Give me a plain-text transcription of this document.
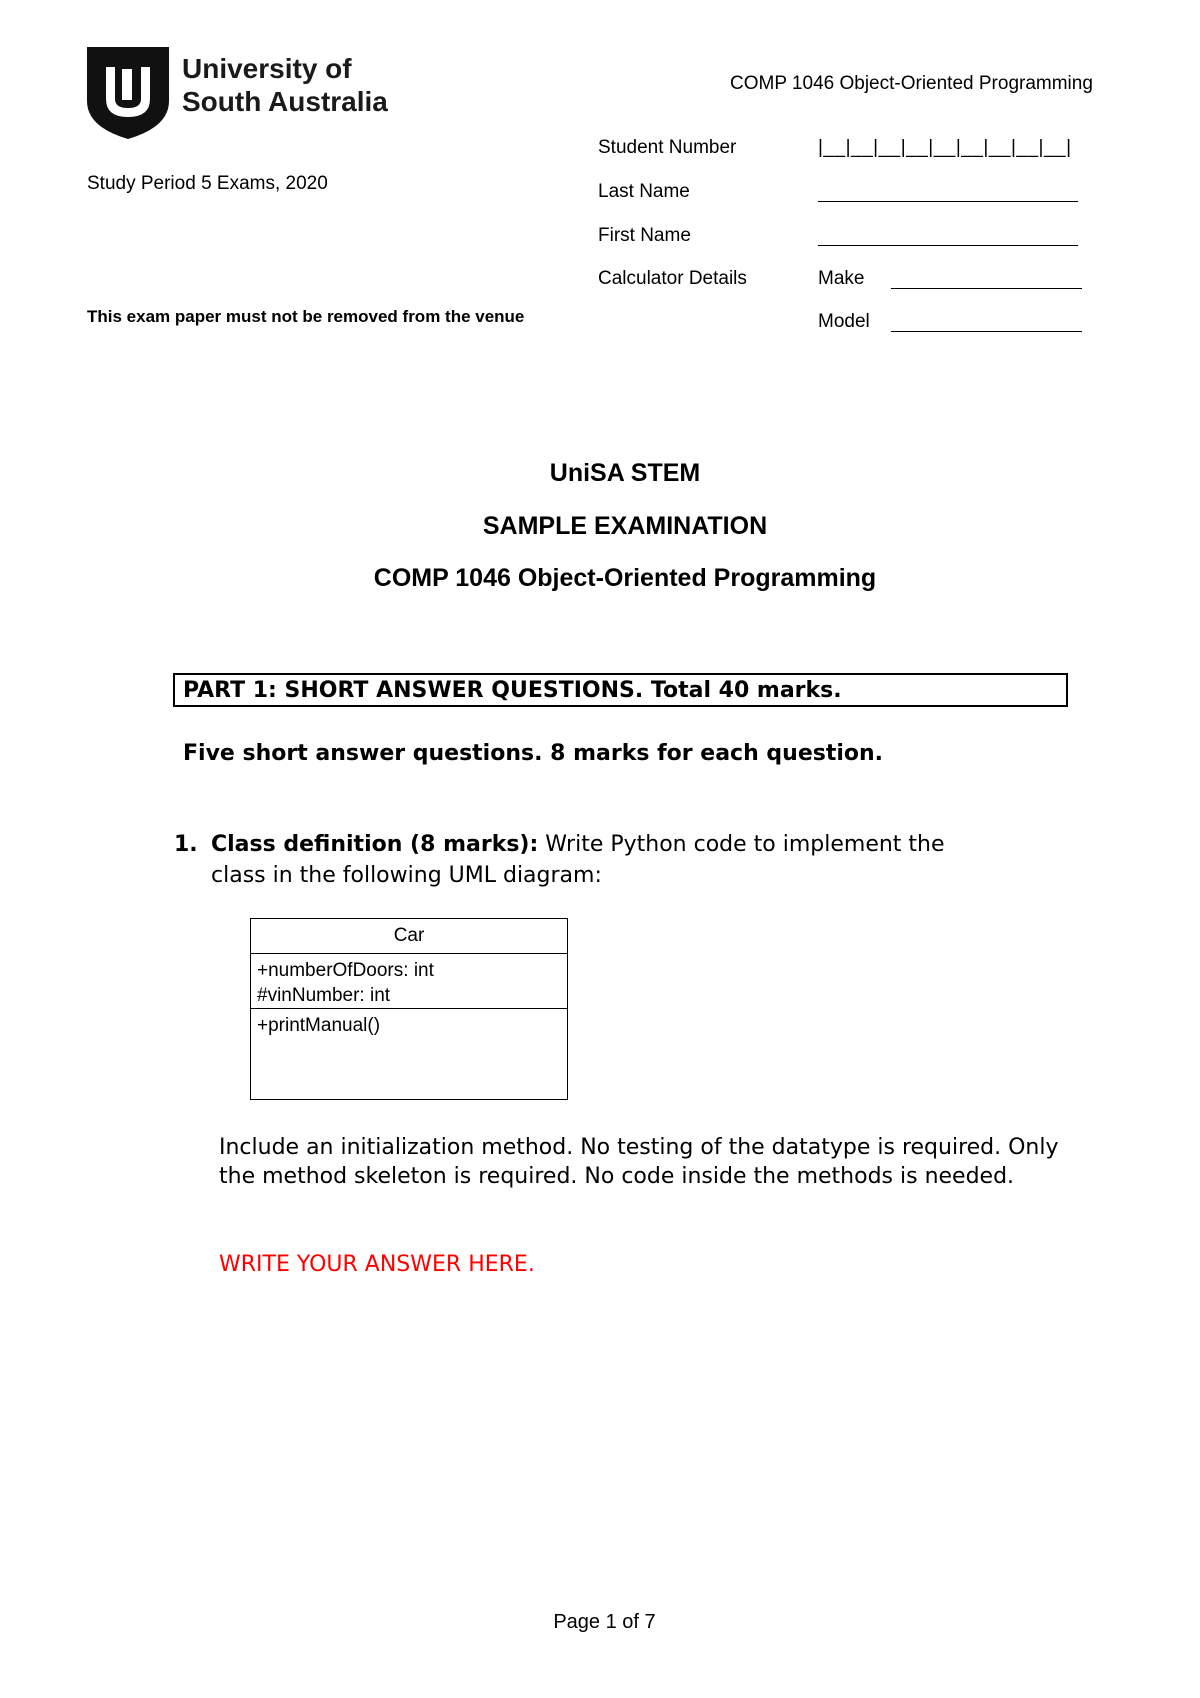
University of
South Australia
COMP 1046 Object-Oriented Programming
Study Period 5 Exams, 2020
This exam paper must not be removed from the venue
Student Number	|__|__|__|__|__|__|__|__|__|
Last Name
First Name
Calculator Details	Make
Model
UniSA STEM
SAMPLE EXAMINATION
COMP 1046 Object-Oriented Programming
PART 1: SHORT ANSWER QUESTIONS. Total 40 marks.
Five short answer questions. 8 marks for each question.
1. Class definition (8 marks): Write Python code to implement the
class in the following UML diagram:
Car
+numberOfDoors: int
#vinNumber: int
+printManual()
Include an initialization method. No testing of the datatype is required. Only the method skeleton is required. No code inside the methods is needed.
WRITE YOUR ANSWER HERE.
Page 1 of 7
